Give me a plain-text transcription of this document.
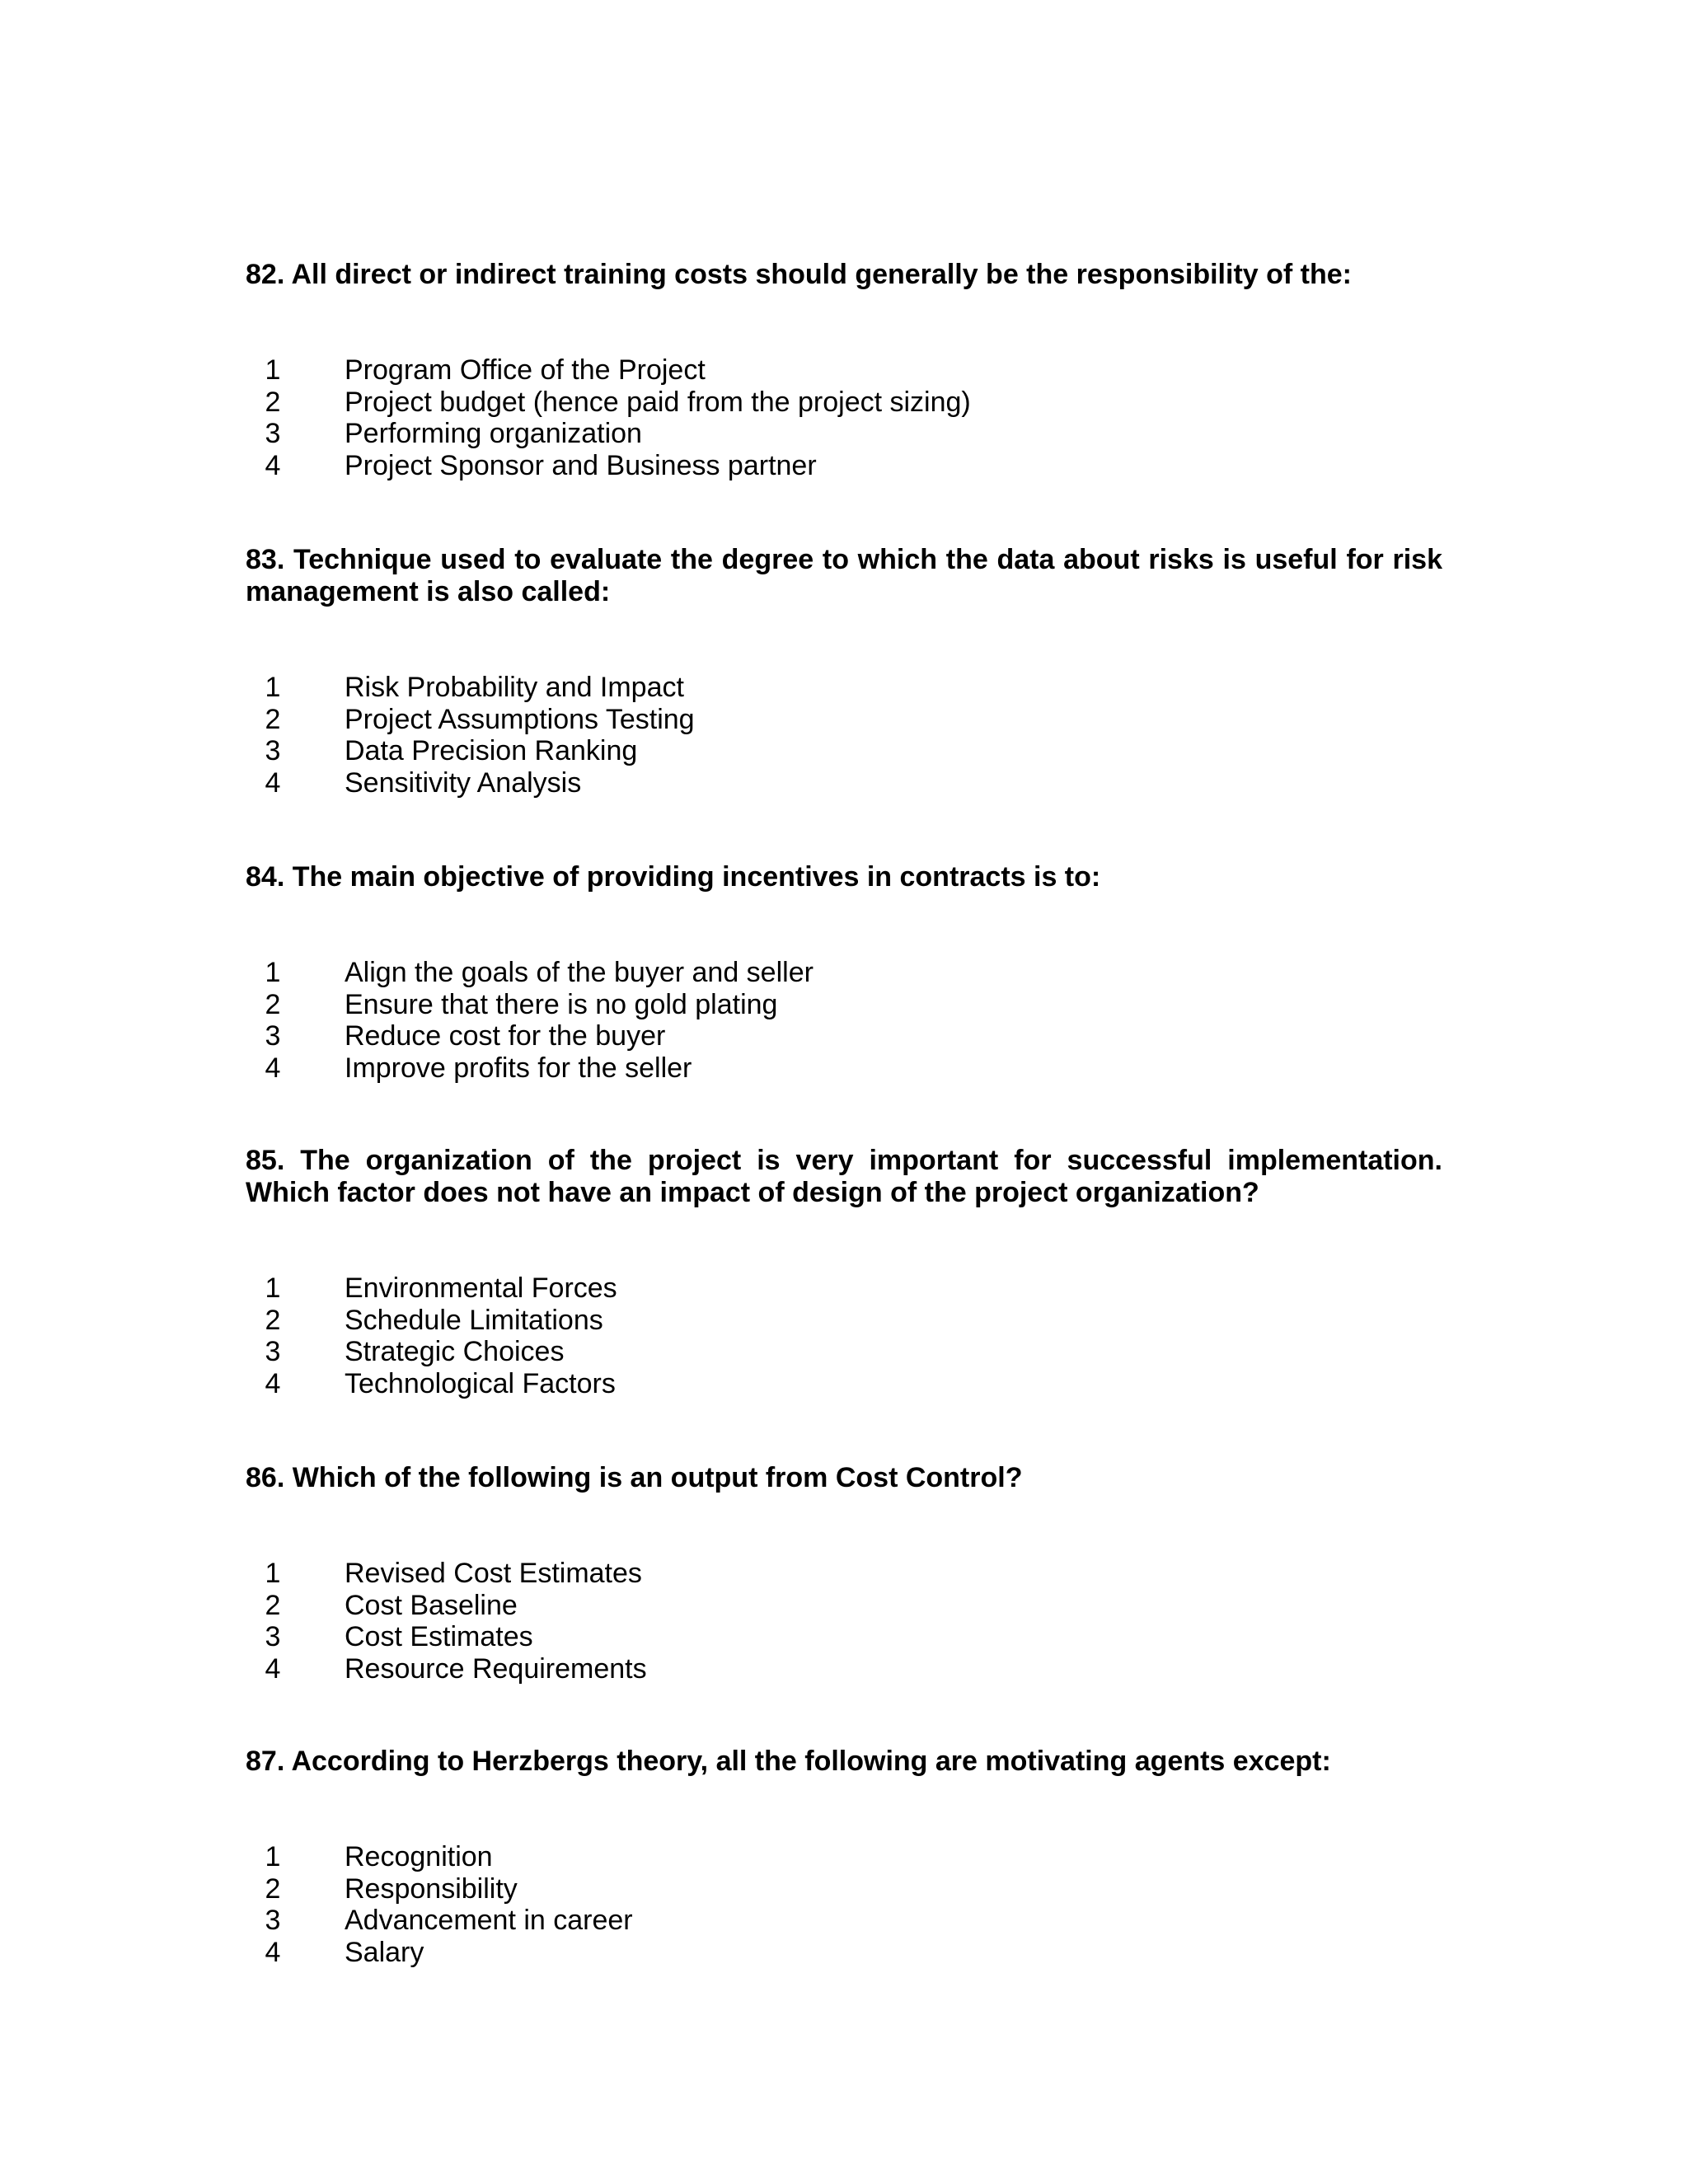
82. All direct or indirect training costs should generally be the responsibility of the:

1 Program Office of the Project
2 Project budget (hence paid from the project sizing)
3 Performing organization
4 Project Sponsor and Business partner

83. Technique used to evaluate the degree to which the data about risks is useful for risk management is also called:

1 Risk Probability and Impact
2 Project Assumptions Testing
3 Data Precision Ranking
4 Sensitivity Analysis

84. The main objective of providing incentives in contracts is to:

1 Align the goals of the buyer and seller
2 Ensure that there is no gold plating
3 Reduce cost for the buyer
4 Improve profits for the seller

85. The organization of the project is very important for successful implementation. Which factor does not have an impact of design of the project organization?

1 Environmental Forces
2 Schedule Limitations
3 Strategic Choices
4 Technological Factors

86. Which of the following is an output from Cost Control?

1 Revised Cost Estimates
2 Cost Baseline
3 Cost Estimates
4 Resource Requirements

87. According to Herzbergs theory, all the following are motivating agents except:

1 Recognition
2 Responsibility
3 Advancement in career
4 Salary
